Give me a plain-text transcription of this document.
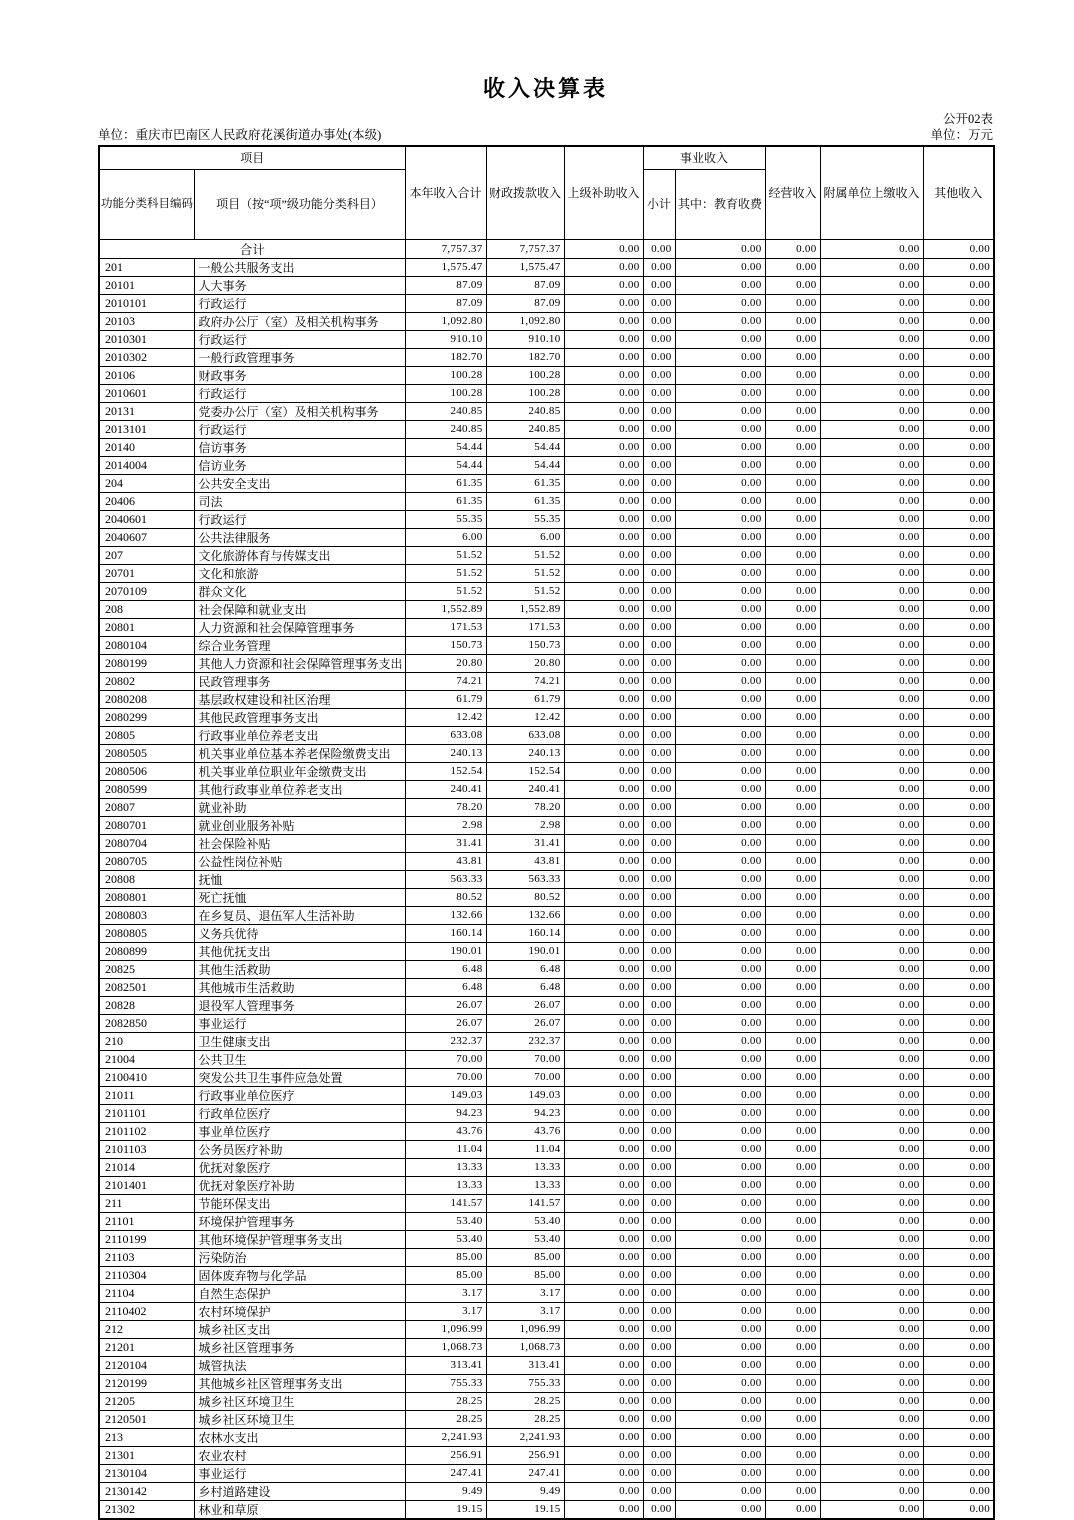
收入决算表
公开02表
单位：重庆市巴南区人民政府花溪街道办事处(本级)	单位：万元
项目		本年收入合计	财政拨款收入	上级补助收入	事业收入		经营收入	附属单位上缴收入	其他收入
功能分类科目编码	项目（按“项”级功能分类科目）				小计	其中：教育收费			
合计		7,757.37	7,757.37	0.00	0.00	0.00	0.00	0.00	0.00
201	一般公共服务支出	1,575.47	1,575.47	0.00	0.00	0.00	0.00	0.00	0.00
20101	人大事务	87.09	87.09	0.00	0.00	0.00	0.00	0.00	0.00
2010101	行政运行	87.09	87.09	0.00	0.00	0.00	0.00	0.00	0.00
20103	政府办公厅（室）及相关机构事务	1,092.80	1,092.80	0.00	0.00	0.00	0.00	0.00	0.00
2010301	行政运行	910.10	910.10	0.00	0.00	0.00	0.00	0.00	0.00
2010302	一般行政管理事务	182.70	182.70	0.00	0.00	0.00	0.00	0.00	0.00
20106	财政事务	100.28	100.28	0.00	0.00	0.00	0.00	0.00	0.00
2010601	行政运行	100.28	100.28	0.00	0.00	0.00	0.00	0.00	0.00
20131	党委办公厅（室）及相关机构事务	240.85	240.85	0.00	0.00	0.00	0.00	0.00	0.00
2013101	行政运行	240.85	240.85	0.00	0.00	0.00	0.00	0.00	0.00
20140	信访事务	54.44	54.44	0.00	0.00	0.00	0.00	0.00	0.00
2014004	信访业务	54.44	54.44	0.00	0.00	0.00	0.00	0.00	0.00
204	公共安全支出	61.35	61.35	0.00	0.00	0.00	0.00	0.00	0.00
20406	司法	61.35	61.35	0.00	0.00	0.00	0.00	0.00	0.00
2040601	行政运行	55.35	55.35	0.00	0.00	0.00	0.00	0.00	0.00
2040607	公共法律服务	6.00	6.00	0.00	0.00	0.00	0.00	0.00	0.00
207	文化旅游体育与传媒支出	51.52	51.52	0.00	0.00	0.00	0.00	0.00	0.00
20701	文化和旅游	51.52	51.52	0.00	0.00	0.00	0.00	0.00	0.00
2070109	群众文化	51.52	51.52	0.00	0.00	0.00	0.00	0.00	0.00
208	社会保障和就业支出	1,552.89	1,552.89	0.00	0.00	0.00	0.00	0.00	0.00
20801	人力资源和社会保障管理事务	171.53	171.53	0.00	0.00	0.00	0.00	0.00	0.00
2080104	综合业务管理	150.73	150.73	0.00	0.00	0.00	0.00	0.00	0.00
2080199	其他人力资源和社会保障管理事务支出	20.80	20.80	0.00	0.00	0.00	0.00	0.00	0.00
20802	民政管理事务	74.21	74.21	0.00	0.00	0.00	0.00	0.00	0.00
2080208	基层政权建设和社区治理	61.79	61.79	0.00	0.00	0.00	0.00	0.00	0.00
2080299	其他民政管理事务支出	12.42	12.42	0.00	0.00	0.00	0.00	0.00	0.00
20805	行政事业单位养老支出	633.08	633.08	0.00	0.00	0.00	0.00	0.00	0.00
2080505	机关事业单位基本养老保险缴费支出	240.13	240.13	0.00	0.00	0.00	0.00	0.00	0.00
2080506	机关事业单位职业年金缴费支出	152.54	152.54	0.00	0.00	0.00	0.00	0.00	0.00
2080599	其他行政事业单位养老支出	240.41	240.41	0.00	0.00	0.00	0.00	0.00	0.00
20807	就业补助	78.20	78.20	0.00	0.00	0.00	0.00	0.00	0.00
2080701	就业创业服务补贴	2.98	2.98	0.00	0.00	0.00	0.00	0.00	0.00
2080704	社会保险补贴	31.41	31.41	0.00	0.00	0.00	0.00	0.00	0.00
2080705	公益性岗位补贴	43.81	43.81	0.00	0.00	0.00	0.00	0.00	0.00
20808	抚恤	563.33	563.33	0.00	0.00	0.00	0.00	0.00	0.00
2080801	死亡抚恤	80.52	80.52	0.00	0.00	0.00	0.00	0.00	0.00
2080803	在乡复员、退伍军人生活补助	132.66	132.66	0.00	0.00	0.00	0.00	0.00	0.00
2080805	义务兵优待	160.14	160.14	0.00	0.00	0.00	0.00	0.00	0.00
2080899	其他优抚支出	190.01	190.01	0.00	0.00	0.00	0.00	0.00	0.00
20825	其他生活救助	6.48	6.48	0.00	0.00	0.00	0.00	0.00	0.00
2082501	其他城市生活救助	6.48	6.48	0.00	0.00	0.00	0.00	0.00	0.00
20828	退役军人管理事务	26.07	26.07	0.00	0.00	0.00	0.00	0.00	0.00
2082850	事业运行	26.07	26.07	0.00	0.00	0.00	0.00	0.00	0.00
210	卫生健康支出	232.37	232.37	0.00	0.00	0.00	0.00	0.00	0.00
21004	公共卫生	70.00	70.00	0.00	0.00	0.00	0.00	0.00	0.00
2100410	突发公共卫生事件应急处置	70.00	70.00	0.00	0.00	0.00	0.00	0.00	0.00
21011	行政事业单位医疗	149.03	149.03	0.00	0.00	0.00	0.00	0.00	0.00
2101101	行政单位医疗	94.23	94.23	0.00	0.00	0.00	0.00	0.00	0.00
2101102	事业单位医疗	43.76	43.76	0.00	0.00	0.00	0.00	0.00	0.00
2101103	公务员医疗补助	11.04	11.04	0.00	0.00	0.00	0.00	0.00	0.00
21014	优抚对象医疗	13.33	13.33	0.00	0.00	0.00	0.00	0.00	0.00
2101401	优抚对象医疗补助	13.33	13.33	0.00	0.00	0.00	0.00	0.00	0.00
211	节能环保支出	141.57	141.57	0.00	0.00	0.00	0.00	0.00	0.00
21101	环境保护管理事务	53.40	53.40	0.00	0.00	0.00	0.00	0.00	0.00
2110199	其他环境保护管理事务支出	53.40	53.40	0.00	0.00	0.00	0.00	0.00	0.00
21103	污染防治	85.00	85.00	0.00	0.00	0.00	0.00	0.00	0.00
2110304	固体废弃物与化学品	85.00	85.00	0.00	0.00	0.00	0.00	0.00	0.00
21104	自然生态保护	3.17	3.17	0.00	0.00	0.00	0.00	0.00	0.00
2110402	农村环境保护	3.17	3.17	0.00	0.00	0.00	0.00	0.00	0.00
212	城乡社区支出	1,096.99	1,096.99	0.00	0.00	0.00	0.00	0.00	0.00
21201	城乡社区管理事务	1,068.73	1,068.73	0.00	0.00	0.00	0.00	0.00	0.00
2120104	城管执法	313.41	313.41	0.00	0.00	0.00	0.00	0.00	0.00
2120199	其他城乡社区管理事务支出	755.33	755.33	0.00	0.00	0.00	0.00	0.00	0.00
21205	城乡社区环境卫生	28.25	28.25	0.00	0.00	0.00	0.00	0.00	0.00
2120501	城乡社区环境卫生	28.25	28.25	0.00	0.00	0.00	0.00	0.00	0.00
213	农林水支出	2,241.93	2,241.93	0.00	0.00	0.00	0.00	0.00	0.00
21301	农业农村	256.91	256.91	0.00	0.00	0.00	0.00	0.00	0.00
2130104	事业运行	247.41	247.41	0.00	0.00	0.00	0.00	0.00	0.00
2130142	乡村道路建设	9.49	9.49	0.00	0.00	0.00	0.00	0.00	0.00
21302	林业和草原	19.15	19.15	0.00	0.00	0.00	0.00	0.00	0.00
